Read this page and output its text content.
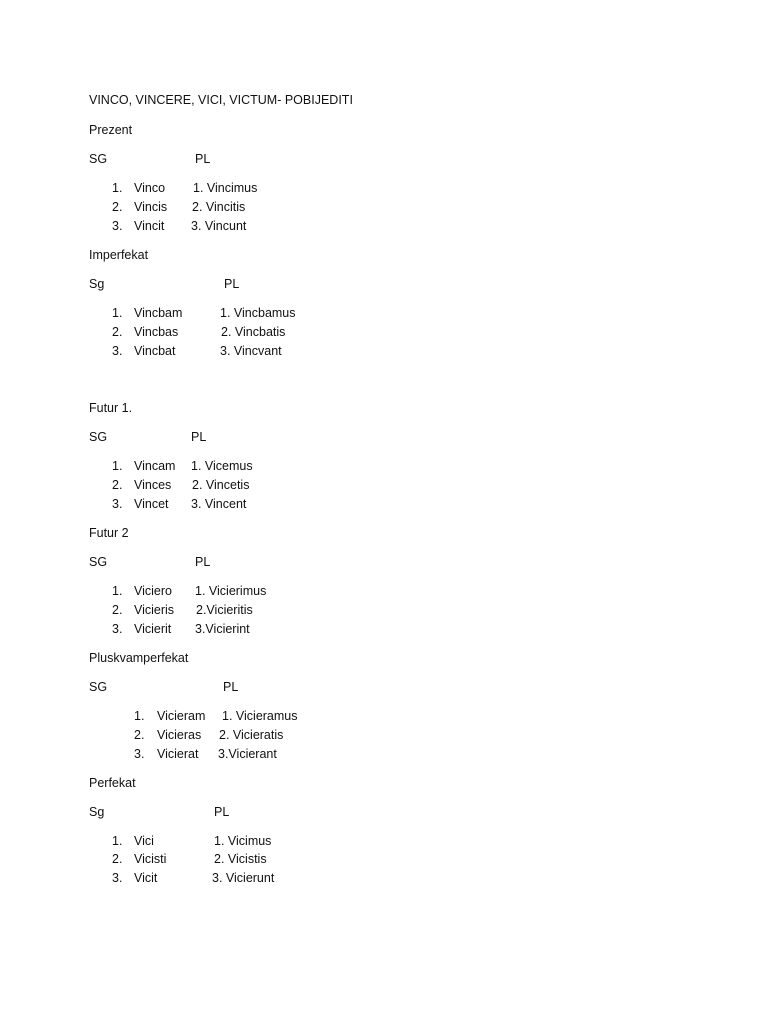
VINCO, VINCERE, VICI, VICTUM- POBIJEDITI
Prezent
SG	PL
1. Vinco 1. Vincimus
2. Vincis 2. Vincitis
3. Vincit 3. Vincunt
Imperfekat
Sg	PL
1. Vincbam	1. Vincbamus
2. Vincbas	2. Vincbatis
3. Vincbat	3. Vincvant
Futur 1.
SG	PL
1. Vincam 1. Vicemus
2. Vinces 2. Vincetis
3. Vincet 3. Vincent
Futur 2
SG	PL
1. Viciero 1. Vicierimus
2. Vicieris 2.Vicieritis
3. Vicierit 3.Vicierint
Pluskvamperfekat
SG	PL
1. Vicieram 1. Vicieramus
2. Vicieras 2. Vicieratis
3. Vicierat 3.Vicierant
Perfekat
Sg	PL
1. Vici	1. Vicimus
2. Vicisti	2. Vicistis
3. Vicit	3. Vicierunt
